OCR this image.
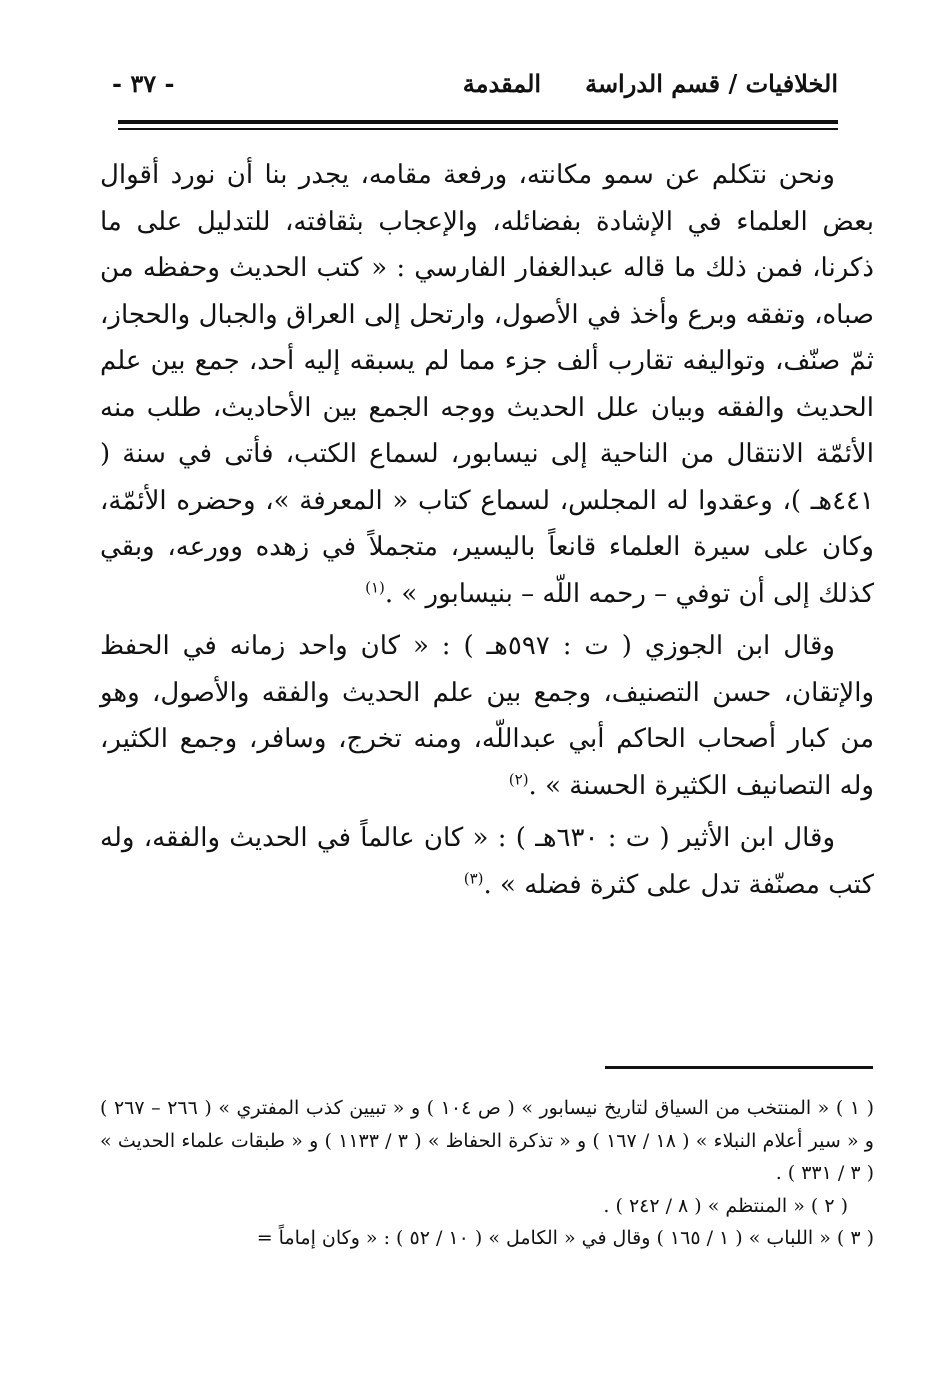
الخلافيات / قسم الدراسة
المقدمة
- ٣٧ -

ونحن نتكلم عن سمو مكانته، ورفعة مقامه، يجدر بنا أن نورد أقوال بعض العلماء في الإشادة بفضائله، والإعجاب بثقافته، للتدليل على ما ذكرنا، فمن ذلك ما قاله عبدالغفار الفارسي : « كتب الحديث وحفظه من صباه، وتفقه وبرع وأخذ في الأصول، وارتحل إلى العراق والجبال والحجاز، ثمّ صنّف، وتواليفه تقارب ألف جزء مما لم يسبقه إليه أحد، جمع بين علم الحديث والفقه وبيان علل الحديث ووجه الجمع بين الأحاديث، طلب منه الأئمّة الانتقال من الناحية إلى نيسابور، لسماع الكتب، فأتى في سنة ( ٤٤١هـ )، وعقدوا له المجلس، لسماع كتاب « المعرفة »، وحضره الأئمّة، وكان على سيرة العلماء قانعاً باليسير، متجملاً في زهده وورعه، وبقي كذلك إلى أن توفي – رحمه اللّه – بنيسابور » .$^{(١)}$

وقال ابن الجوزي ( ت : ٥٩٧هـ ) : « كان واحد زمانه في الحفظ والإتقان، حسن التصنيف، وجمع بين علم الحديث والفقه والأصول، وهو من كبار أصحاب الحاكم أبي عبداللّه، ومنه تخرج، وسافر، وجمع الكثير، وله التصانيف الكثيرة الحسنة » .$^{(٢)}$

وقال ابن الأثير ( ت : ٦٣٠هـ ) : « كان عالماً في الحديث والفقه، وله كتب مصنّفة تدل على كثرة فضله » .$^{(٣)}$

( ١ ) « المنتخب من السياق لتاريخ نيسابور » ( ص ١٠٤ ) و « تبيين كذب المفتري » ( ٢٦٦ – ٢٦٧ ) و « سير أعلام النبلاء » ( ١٨ / ١٦٧ ) و « تذكرة الحفاظ » ( ٣ / ١١٣٣ ) و « طبقات علماء الحديث » ( ٣ / ٣٣١ ) .

( ٢ ) « المنتظم » ( ٨ / ٢٤٢ ) .

( ٣ ) « اللباب » ( ١ / ١٦٥ ) وقال في « الكامل » ( ١٠ / ٥٢ ) : « وكان إماماً =
